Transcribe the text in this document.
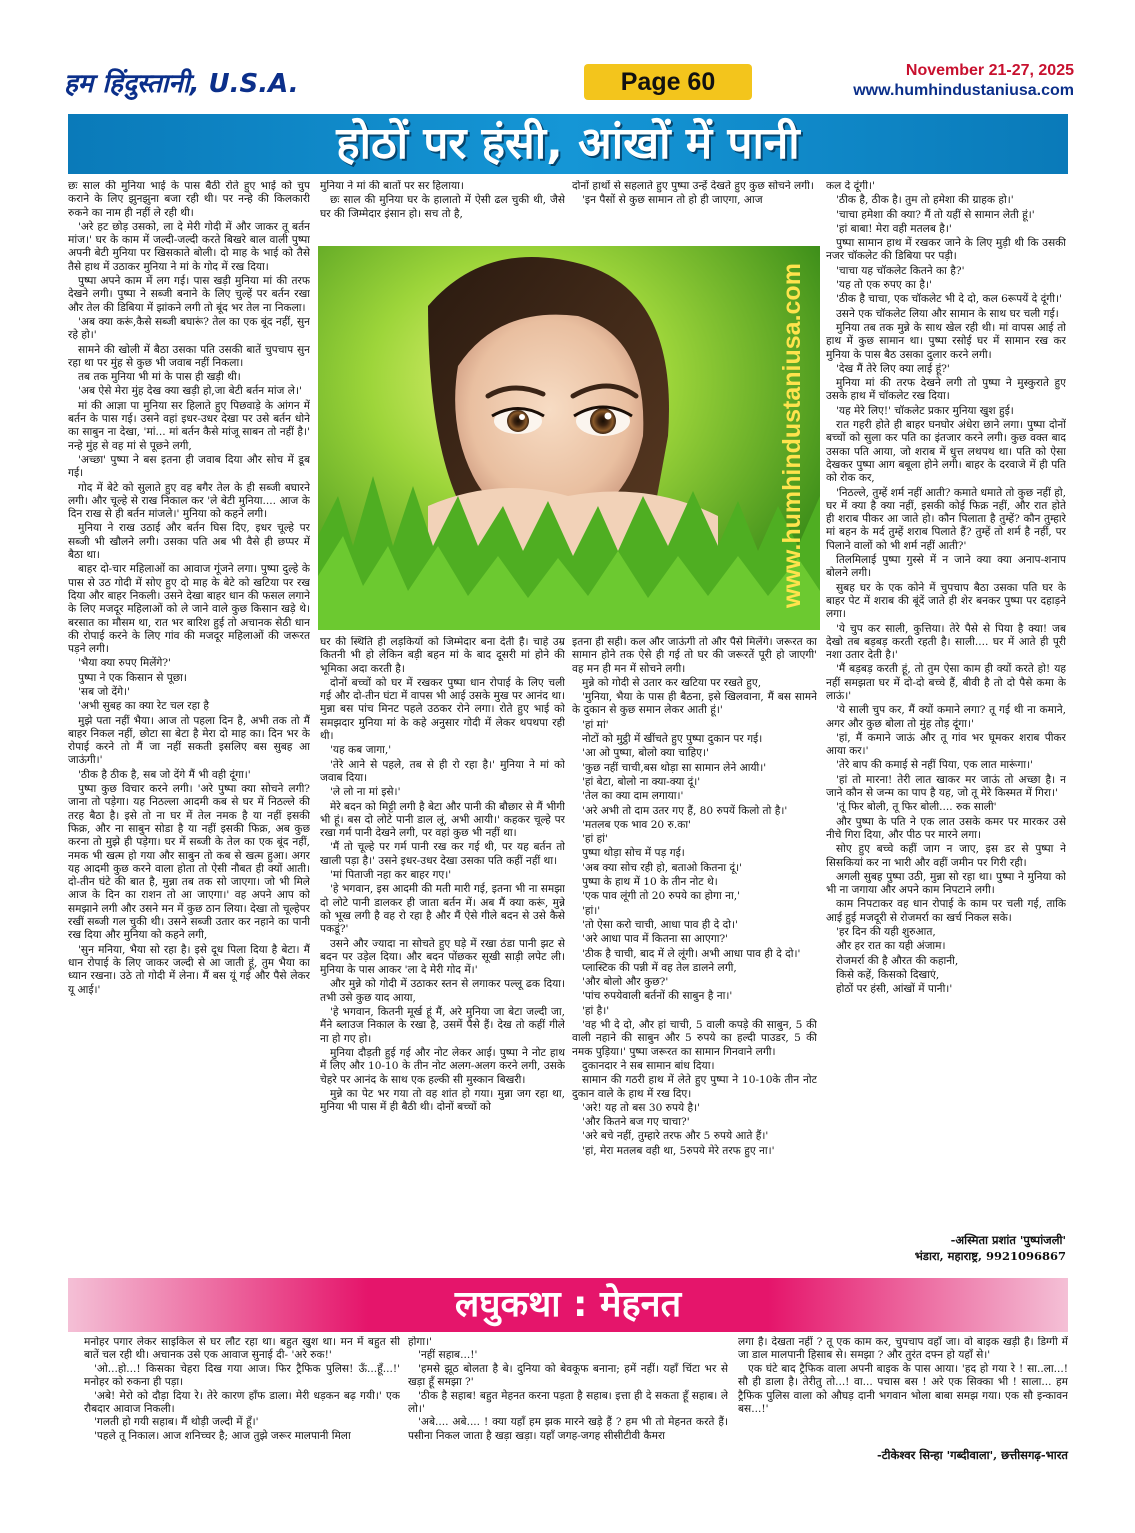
हम हिंदुस्तानी, U.S.A.	Page 60	November 21-27, 2025
www.humhindustaniusa.com
होठों पर हंसी, आंखों में पानी

छः साल की मुनिया भाई के पास बैठी रोते हुए भाई को चुप कराने के लिए झुनझुना बजा रही थी। पर नन्हे की किलकारी रुकने का नाम ही नहीं ले रही थी।

'अरे हट छोड़ उसको, ला दे मेरी गोदी में और जाकर तू बर्तन मांज।' घर के काम में जल्दी-जल्दी करते बिखरे बाल वाली पुष्पा अपनी बेटी मुनिया पर खिसकाते बोली। दो माह के भाई को तैसे तैसे हाथ में उठाकर मुनिया ने मां के गोद में रख दिया।

पुष्पा अपने काम में लग गई। पास खड़ी मुनिया मां की तरफ देखने लगी। पुष्पा ने सब्जी बनाने के लिए चुल्हें पर बर्तन रखा और तेल की डिबिया में झांकने लगी तो बूंद भर तेल ना निकला।

'अब क्या करूं,कैसे सब्जी बघारूं? तेल का एक बूंद नहीं, सुन रहे हो।'

सामने की खोली में बैठा उसका पति उसकी बातें चुपचाप सुन रहा था पर मुंह से कुछ भी जवाब नहीं निकला।

तब तक मुनिया भी मां के पास ही खड़ी थी।

'अब ऐसे मेरा मुंह देख क्या खड़ी हो,जा बेटी बर्तन मांज ले।'

मां की आज्ञा पा मुनिया सर हिलाते हुए पिछवाड़े के आंगन में बर्तन के पास गई। उसने वहां इधर-उधर देखा पर उसे बर्तन धोने का साबुन ना देखा, 'मां... मां बर्तन कैसे मांजू साबन तो नहीं है।' नन्हे मुंह से वह मां से पूछने लगी,

'अच्छा' पुष्पा ने बस इतना ही जवाब दिया और सोच में डूब गई।

गोद में बेटे को सुलाते हुए वह बगैर तेल के ही सब्जी बघारने लगी। और चूल्हे से राख निकाल कर 'ले बेटी मुनिया.... आज के दिन राख से ही बर्तन मांजले।' मुनिया को कहने लगी।

मुनिया ने राख उठाई और बर्तन घिस दिए, इधर चूल्हे पर सब्जी भी खौलने लगी। उसका पति अब भी वैसे ही छप्पर में बैठा था।

बाहर दो-चार महिलाओं का आवाज गूंजने लगा। पुष्पा दुल्हे के पास से उठ गोदी में सोए हुए दो माह के बेटे को खटिया पर रख दिया और बाहर निकली। उसने देखा बाहर धान की फसल लगाने के लिए मजदूर महिलाओं को ले जाने वाले कुछ किसान खड़े थे। बरसात का मौसम था, रात भर बारिश हुई तो अचानक सेठी धान की रोपाई करने के लिए गांव की मजदूर महिलाओं की जरूरत पड़ने लगी।

'भैया क्या रुपए मिलेंगे?'

पुष्पा ने एक किसान से पूछा।

'सब जो देंगे।'

'अभी सुबह का क्या रेट चल रहा है

मुझे पता नहीं भैया। आज तो पहला दिन है, अभी तक तो मैं बाहर निकल नहीं, छोटा सा बेटा है मेरा दो माह का। दिन भर के रोपाई करने तो मैं जा नहीं सकती इसलिए बस सुबह आ जाऊंगी।'

'ठीक है ठीक है, सब जो देंगे मैं भी वही दूंगा।'

पुष्पा कुछ विचार करने लगी। 'अरे पुष्पा क्या सोचने लगी? जाना तो पड़ेगा। यह निठल्ला आदमी कब से घर में निठल्ले की तरह बैठा है। इसे तो ना घर में तेल नमक है या नहीं इसकी फिक्र, और ना साबुन सोडा है या नहीं इसकी फिक्र, अब कुछ करना तो मुझे ही पड़ेगा। घर में सब्जी के तेल का एक बूंद नहीं, नमक भी खत्म हो गया और साबुन तो कब से खत्म हुआ। अगर यह आदमी कुछ करने वाला होता तो ऐसी नौबत ही क्यों आती। दो-तीन घंटे की बात है, मुन्ना तब तक सो जाएगा। जो भी मिले आज के दिन का राशन तो आ जाएगा।' वह अपने आप को समझाने लगी और उसने मन में कुछ ठान लिया। देखा तो चूल्हेपर रखीं सब्जी गल चुकी थी। उसने सब्जी उतार कर नहाने का पानी रख दिया और मुनिया को कहने लगी,

'सुन मनिया, भैया सो रहा है। इसे दूध पिला दिया है बेटा। मैं धान रोपाई के लिए जाकर जल्दी से आ जाती हूं, तुम भैया का ध्यान रखना। उठे तो गोदी में लेना। मैं बस यूं गई और पैसे लेकर यू आई।'

मुनिया ने मां की बातों पर सर हिलाया।

छः साल की मुनिया घर के हालातो में ऐसी ढल चुकी थी, जैसे घर की जिम्मेदार इंसान हो। सच तो है,

दोनों हाथों से सहलाते हुए पुष्पा उन्हें देखते हुए कुछ सोचने लगी।

'इन पैसों से कुछ सामान तो हो ही जाएगा, आज

www.humhindustaniusa.com

घर की स्थिति ही लड़कियों को जिम्मेदार बना देती है। चाहे उम्र कितनी भी हो लेकिन बड़ी बहन मां के बाद दूसरी मां होने की भूमिका अदा करती है।

दोनों बच्चों को घर में रखकर पुष्पा धान रोपाई के लिए चली गई और दो-तीन घंटा में वापस भी आई उसके मुख पर आनंद था। मुन्ना बस पांच मिनट पहले उठकर रोने लगा। रोते हुए भाई को समझदार मुनिया मां के कहे अनुसार गोदी में लेकर थपथपा रही थी।

'यह कब जागा,'

'तेरे आने से पहले, तब से ही रो रहा है।' मुनिया ने मां को जवाब दिया।

'ले लो ना मां इसे।'

मेरे बदन को मिट्टी लगी है बेटा और पानी की बौछार से मैं भीगी भी हूं। बस दो लोटे पानी डाल लूं, अभी आयी।' कहकर चूल्हे पर रखा गर्म पानी देखने लगी, पर वहां कुछ भी नहीं था।

'मैं तो चूल्हे पर गर्म पानी रख कर गई थी, पर यह बर्तन तो खाली पड़ा है।' उसने इधर-उधर देखा उसका पति कहीं नहीं था।

'मां पिताजी नहा कर बाहर गए।'

'हे भगवान, इस आदमी की मती मारी गई, इतना भी ना समझा दो लोटे पानी डालकर ही जाता बर्तन में। अब मैं क्या करूं, मुन्ने को भूख लगी है वह रो रहा है और मैं ऐसे गीले बदन से उसे कैसे पकडूं?'

उसने और ज्यादा ना सोचते हुए घड़े में रखा ठंडा पानी झट से बदन पर उड़ेल दिया। और बदन पोंछकर सूखी साड़ी लपेट ली। मुनिया के पास आकर 'ला दे मेरी गोद में।'

और मुन्ने को गोदी में उठाकर स्तन से लगाकर पल्लू ढक दिया। तभी उसे कुछ याद आया,

'हे भगवान, कितनी मूर्ख हूं मैं, अरे मुनिया जा बेटा जल्दी जा, मैंने ब्लाउज निकाल के रखा है, उसमें पैसे हैं। देख तो कहीं गीले ना हो गए हो।

मुनिया दौड़ती हुई गई और नोट लेकर आई। पुष्पा ने नोट हाथ में लिए और 10-10 के तीन नोट अलग-अलग करने लगी, उसके चेहरे पर आनंद के साथ एक हल्की सी मुस्कान बिखरी।

मुन्ने का पेट भर गया तो वह शांत हो गया। मुन्ना जग रहा था, मुनिया भी पास में ही बैठी थी। दोनों बच्चों को

इतना ही सही। कल और जाऊंगी तो और पैसे मिलेंगे। जरूरत का सामान होने तक ऐसे ही गई तो घर की जरूरतें पूरी हो जाएगी' वह मन ही मन में सोचने लगी।

मुन्ने को गोदी से उतार कर खटिया पर रखते हुए,

'मुनिया, भैया के पास ही बैठना, इसे खिलवाना, मैं बस सामने के दुकान से कुछ समान लेकर आती हूं।'

'हां मां'

नोटों को मुट्ठी में खींचते हुए पुष्पा दुकान पर गई।

'आ ओ पुष्पा, बोलो क्या चाहिए।'

'कुछ नहीं चाची,बस थोड़ा सा सामान लेने आयी।'

'हां बेटा, बोलो ना क्या-क्या दूं।'

'तेल का क्या दाम लगाया।'

'अरे अभी तो दाम उतर गए हैं, 80 रुपयें किलो तो है।'

'मतलब एक भाव 20 रु.का'

'हां हां'

पुष्पा थोड़ा सोच में पड़ गई।

'अब क्या सोच रही हो, बताओ कितना दूं।'

पुष्पा के हाथ में 10 के तीन नोट थे।

'एक पाव लूंगी तो 20 रुपये का होगा ना,'

'हां।'

'तो ऐसा करो चाची, आधा पाव ही दे दो।'

'अरे आधा पाव में कितना सा आएगा?'

'ठीक है चाची, बाद में ले लूंगी। अभी आधा पाव ही दे दो।'

प्लास्टिक की पन्नी में वह तेल डालने लगी,

'और बोलो और कुछ?'

'पांच रुपयेवाली बर्तनों की साबुन है ना।'

'हां है।'

'वह भी दे दो, और हां चाची, 5 वाली कपड़े की साबुन, 5 की वाली नहाने की साबुन और 5 रुपये का हल्दी पाउडर, 5 की नमक पुड़िया।' पुष्पा जरूरत का सामान गिनवाने लगी।

दुकानदार ने सब सामान बांध दिया।

सामान की गठरी हाथ में लेते हुए पुष्पा ने 10-10के तीन नोट दुकान वाले के हाथ में रख दिए।

'अरे! यह तो बस 30 रुपये है।'

'और कितने बज गए चाचा?'

'अरे बचे नहीं, तुम्हारे तरफ और 5 रुपये आते हैं।'

'हां, मेरा मतलब वही था, 5रुपये मेरे तरफ हुए ना।'

कल दे दूंगी।'

'ठीक है, ठीक है। तुम तो हमेशा की ग्राहक हो।'

'चाचा हमेशा की क्या? मैं तो यहीं से सामान लेती हूं।'

'हां बाबा! मेरा वही मतलब है।'

पुष्पा सामान हाथ में रखकर जाने के लिए मुड़ी थी कि उसकी नजर चॉकलेट की डिबिया पर पड़ी।

'चाचा यह चॉकलेट कितने का है?'

'यह तो एक रुपए का है।'

'ठीक है चाचा, एक चॉकलेट भी दे दो, कल 6रूपयें दे दूंगी।'

उसने एक चॉकलेट लिया और सामान के साथ घर चली गई।

मुनिया तब तक मुन्ने के साथ खेल रही थी। मां वापस आई तो हाथ में कुछ सामान था। पुष्पा रसोई घर में सामान रख कर मुनिया के पास बैठ उसका दुलार करने लगी।

'देख मैं तेरे लिए क्या लाई हूं?'

मुनिया मां की तरफ देखने लगी तो पुष्पा ने मुस्कुराते हुए उसके हाथ में चॉकलेट रख दिया।

'यह मेरे लिए!' चॉकलेट प्रकार मुनिया खुश हुई।

रात गहरी होते ही बाहर घनघोर अंधेरा छाने लगा। पुष्पा दोनों बच्चों को सुला कर पति का इंतजार करने लगी। कुछ वक्त बाद उसका पति आया, जो शराब में धुत्त लथपथ था। पति को ऐसा देखकर पुष्पा आग बबूला होने लगी। बाहर के दरवाजे में ही पति को रोक कर,

'निठल्ले, तुम्हें शर्म नहीं आती? कमाते धमाते तो कुछ नहीं हो, घर में क्या है क्या नहीं, इसकी कोई फिक्र नहीं, और रात होते ही शराब पीकर आ जाते हो। कौन पिलाता है तुम्हें? कौन तुम्हारे मां बहन के मर्द तुम्हें शराब पिलाते हैं? तुम्हें तो शर्म है नहीं, पर पिलाने वालों को भी शर्म नहीं आती?'

तिलमिलाई पुष्पा गुस्से में न जाने क्या क्या अनाप-शनाप बोलने लगी।

सुबह घर के एक कोने में चुपचाप बैठा उसका पति घर के बाहर पेट में शराब की बूंदें जाते ही शेर बनकर पुष्पा पर दहाड़ने लगा।

'ये चुप कर साली, कुत्तिया। तेरे पैसे से पिया है क्या! जब देखो तब बड़बड़ करती रहती है। साली.... घर में आते ही पूरी नशा उतार देती है।'

'मैं बड़बड़ करती हूं, तो तुम ऐसा काम ही क्यों करते हो! यह नहीं समझता घर में दो-दो बच्चे हैं, बीवी है तो दो पैसे कमा के लाऊं।'

'ये साली चुप कर, मैं क्यों कमाने लगा? तू गई थी ना कमाने, अगर और कुछ बोला तो मुंह तोड़ दूंगा।'

'हां, मैं कमाने जाऊं और तू गांव भर घूमकर शराब पीकर आया कर।'

'तेरे बाप की कमाई से नहीं पिया, एक लात मारूंगा।'

'हां तो मारना! तेरी लात खाकर मर जाऊं तो अच्छा है। न जाने कौन से जन्म का पाप है यह, जो तू मेरे किस्मत में गिरा।'

'तूं फिर बोली, तू फिर बोली.... रुक साली'

और पुष्पा के पति ने एक लात उसके कमर पर मारकर उसे नीचे गिरा दिया, और पीठ पर मारने लगा।

सोए हुए बच्चे कहीं जाग न जाए, इस डर से पुष्पा ने सिसकियां कर ना भारी और वहीं जमीन पर गिरी रही।

अगली सुबह पुष्पा उठी, मुन्ना सो रहा था। पुष्पा ने मुनिया को भी ना जगाया और अपने काम निपटाने लगी।

काम निपटाकर वह धान रोपाई के काम पर चली गई, ताकि आई हुई मजदूरी से रोजमर्रा का खर्च निकल सके।

'हर दिन की यही शुरुआत,

और हर रात का यही अंजाम।

रोजमर्रा की है औरत की कहानी,

किसे कहें, किसको दिखाएं,

होठों पर हंसी, आंखों में पानी।'

-अस्मिता प्रशांत 'पुष्पांजली'
भंडारा, महाराष्ट्र, 9921096867
लघुकथा : मेहनत

मनोहर पगार लेकर साइकिल से घर लौट रहा था। बहुत खुश था। मन में बहुत सी बातें चल रही थी। अचानक उसे एक आवाज सुनाई दी- 'अरे रुक!'

'ओ...हो...! किसका चेहरा दिख गया आज। फिर ट्रैफिक पुलिस! ऊँ...हूँ...!' मनोहर को रुकना ही पड़ा।

'अबे! मेरो को दौड़ा दिया रे। तेरे कारण हाँफ डाला। मेरी धड़कन बढ़ गयी।' एक रौबदार आवाज निकली।

'गलती हो गयी सहाब। मैं थोड़ी जल्दी में हूँ।'

'पहले तू निकाल। आज शनिच्चर है; आज तुझे जरूर मालपानी मिला

होगा।'

'नहीं सहाब...!'

'हमसे झूठ बोलता है बे। दुनिया को बेवकूफ बनाना; हमें नहीं। यहाँ चिंटा भर से खड़ा हूँ समझा ?'

'ठीक है सहाब! बहुत मेहनत करना पड़ता है सहाब। इत्ता ही दे सकता हूँ सहाब। ले लो।'

'अबे.... अबे.... ! क्या यहाँ हम झक मारने खड़े हैं ? हम भी तो मेहनत करते हैं। पसीना निकल जाता है खड़ा खड़ा। यहाँ जगह-जगह सीसीटीवी कैमरा

लगा है। देखता नहीं ? तू एक काम कर, चुपचाप वहाँ जा। वो बाइक खड़ी है। डिग्गी में जा डाल मालपानी हिसाब से। समझा ? और तुरंत दफ्न हो यहाँ से।'

एक घंटे बाद ट्रैफिक वाला अपनी बाइक के पास आया। 'हद हो गया रे ! सा..ला...! सौ ही डाला है। तेरीतु तो...! वा... पचास बस ! अरे एक सिक्का भी ! साला... हम ट्रैफिक पुलिस वाला को औघड़ दानी भगवान भोला बाबा समझ गया। एक सौ इन्कावन बस...!'

-टीकेश्वर सिन्हा 'गब्दीवाला', छत्तीसगढ़-भारत
